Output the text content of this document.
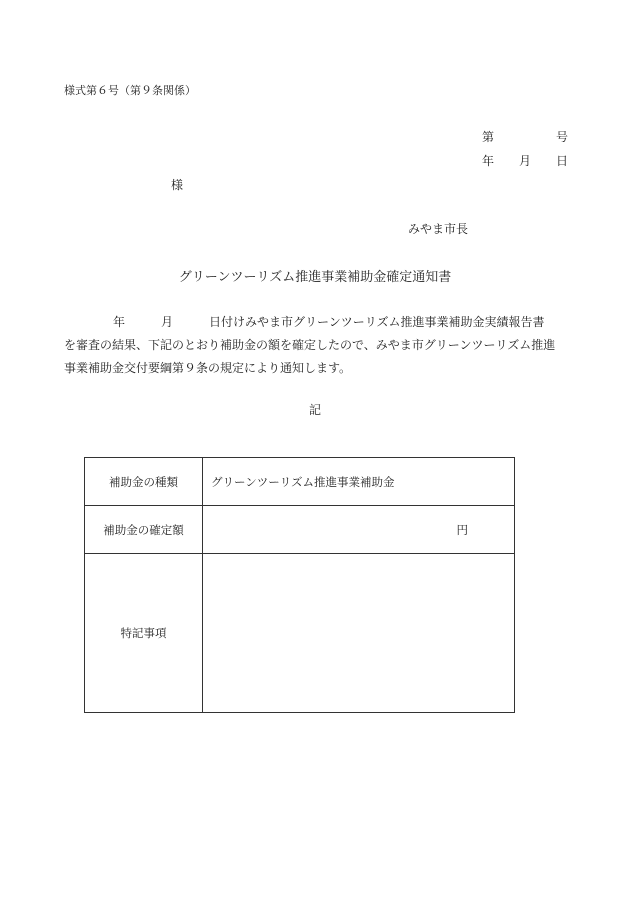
様式第６号（第９条関係）
第	号
年 月 日
様
みやま市長
グリーンツーリズム推進事業補助金確定通知書
年	月	日付けみやま市グリーンツーリズム推進事業補助金実績報告書
を審査の結果、下記のとおり補助金の額を確定したので、みやま市グリーンツーリズム推進
事業補助金交付要綱第９条の規定により通知します。
記
補助金の種類	グリーンツーリズム推進事業補助金
補助金の確定額	円

特記事項	
